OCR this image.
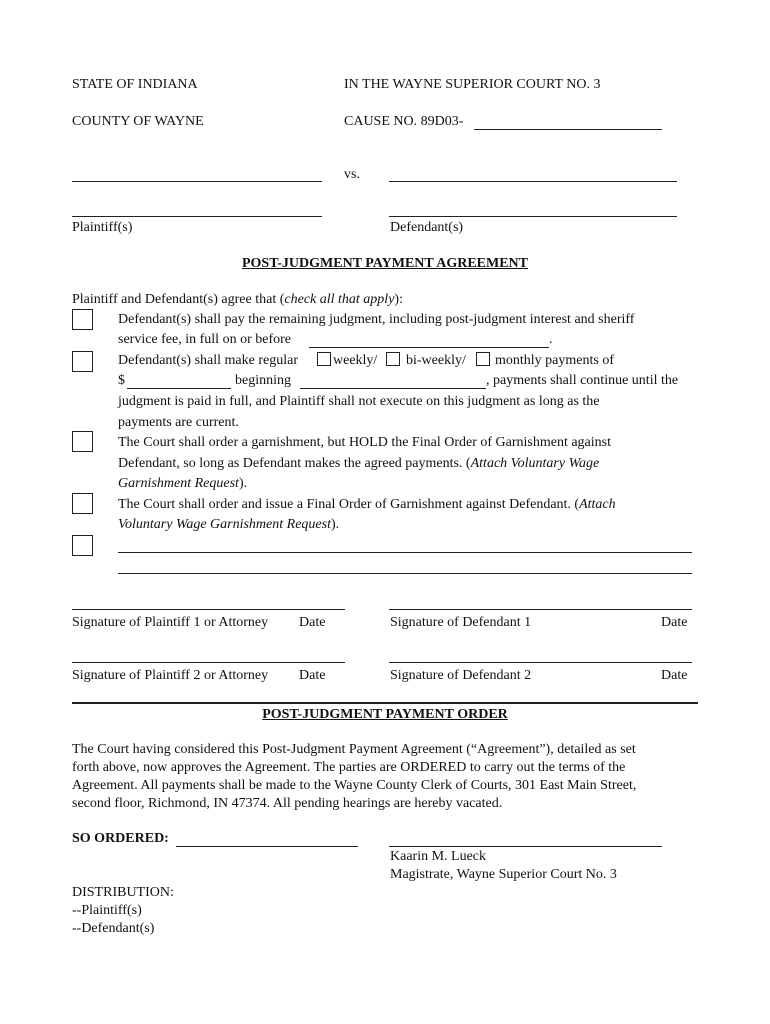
STATE OF INDIANA	IN THE WAYNE SUPERIOR COURT NO. 3
COUNTY OF WAYNE	CAUSE NO. 89D03-
vs.
Plaintiff(s)	Defendant(s)
POST-JUDGMENT PAYMENT AGREEMENT
Plaintiff and Defendant(s) agree that (check all that apply):
Defendant(s) shall pay the remaining judgment, including post-judgment interest and sheriff
service fee, in full on or before	.
Defendant(s) shall make regular	weekly/ bi-weekly/ monthly payments of
$	beginning	, payments shall continue until the
judgment is paid in full, and Plaintiff shall not execute on this judgment as long as the
payments are current.
The Court shall order a garnishment, but HOLD the Final Order of Garnishment against
Defendant, so long as Defendant makes the agreed payments. (Attach Voluntary Wage
Garnishment Request).
The Court shall order and issue a Final Order of Garnishment against Defendant. (Attach
Voluntary Wage Garnishment Request).
Signature of Plaintiff 1 or Attorney Date	Signature of Defendant 1	Date
Signature of Plaintiff 2 or Attorney Date	Signature of Defendant 2	Date
POST-JUDGMENT PAYMENT ORDER
The Court having considered this Post-Judgment Payment Agreement (“Agreement”), detailed as set
forth above, now approves the Agreement. The parties are ORDERED to carry out the terms of the
Agreement. All payments shall be made to the Wayne County Clerk of Courts, 301 East Main Street,
second floor, Richmond, IN 47374. All pending hearings are hereby vacated.
SO ORDERED:
Kaarin M. Lueck
Magistrate, Wayne Superior Court No. 3
DISTRIBUTION:
--Plaintiff(s)
--Defendant(s)
